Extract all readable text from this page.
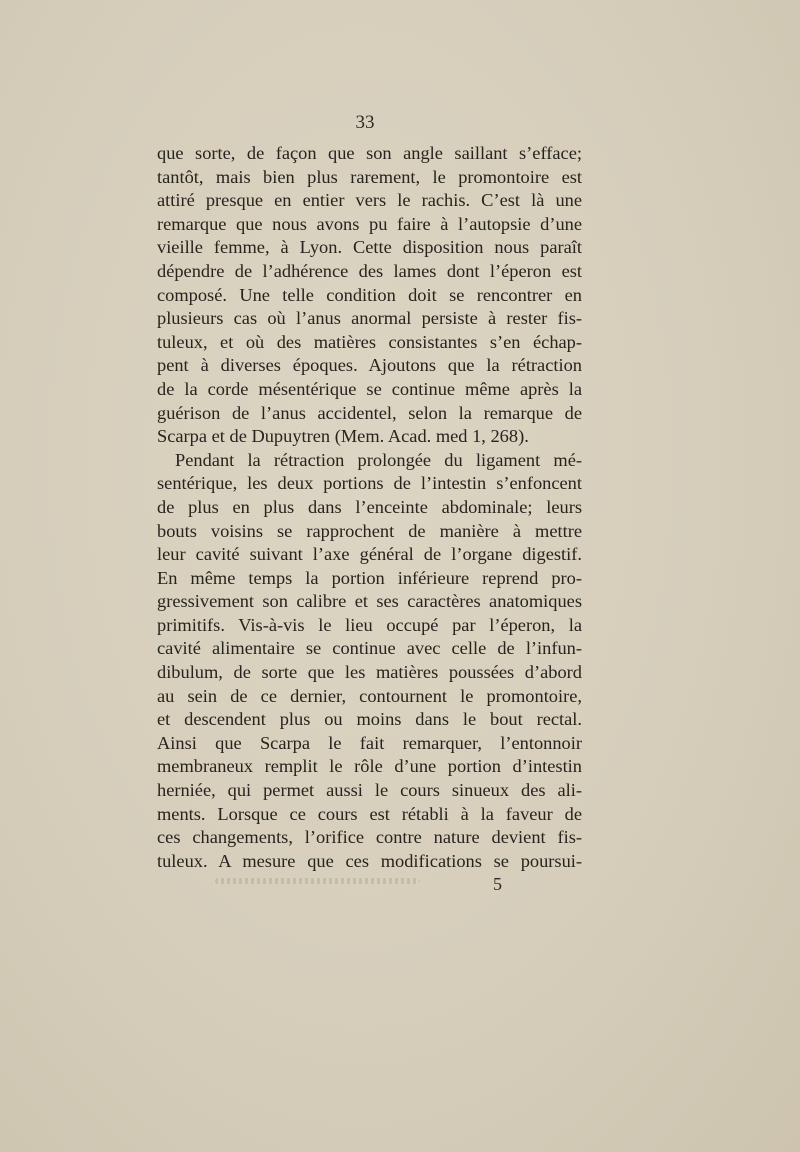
33
que sorte, de façon que son angle saillant s’efface;
tantôt, mais bien plus rarement, le promontoire est
attiré presque en entier vers le rachis. C’est là une
remarque que nous avons pu faire à l’autopsie d’une
vieille femme, à Lyon. Cette disposition nous paraît
dépendre de l’adhérence des lames dont l’éperon est
composé. Une telle condition doit se rencontrer en
plusieurs cas où l’anus anormal persiste à rester fis-
tuleux, et où des matières consistantes s’en échap-
pent à diverses époques. Ajoutons que la rétraction
de la corde mésentérique se continue même après la
guérison de l’anus accidentel, selon la remarque de
Scarpa et de Dupuytren (Mem. Acad. med 1, 268).
Pendant la rétraction prolongée du ligament mé-
sentérique, les deux portions de l’intestin s’enfoncent
de plus en plus dans l’enceinte abdominale; leurs
bouts voisins se rapprochent de manière à mettre
leur cavité suivant l’axe général de l’organe digestif.
En même temps la portion inférieure reprend pro-
gressivement son calibre et ses caractères anatomiques
primitifs. Vis-à-vis le lieu occupé par l’éperon, la
cavité alimentaire se continue avec celle de l’infun-
dibulum, de sorte que les matières poussées d’abord
au sein de ce dernier, contournent le promontoire,
et descendent plus ou moins dans le bout rectal.
Ainsi que Scarpa le fait remarquer, l’entonnoir
membraneux remplit le rôle d’une portion d’intestin
herniée, qui permet aussi le cours sinueux des ali-
ments. Lorsque ce cours est rétabli à la faveur de
ces changements, l’orifice contre nature devient fis-
tuleux. A mesure que ces modifications se poursui-
5
